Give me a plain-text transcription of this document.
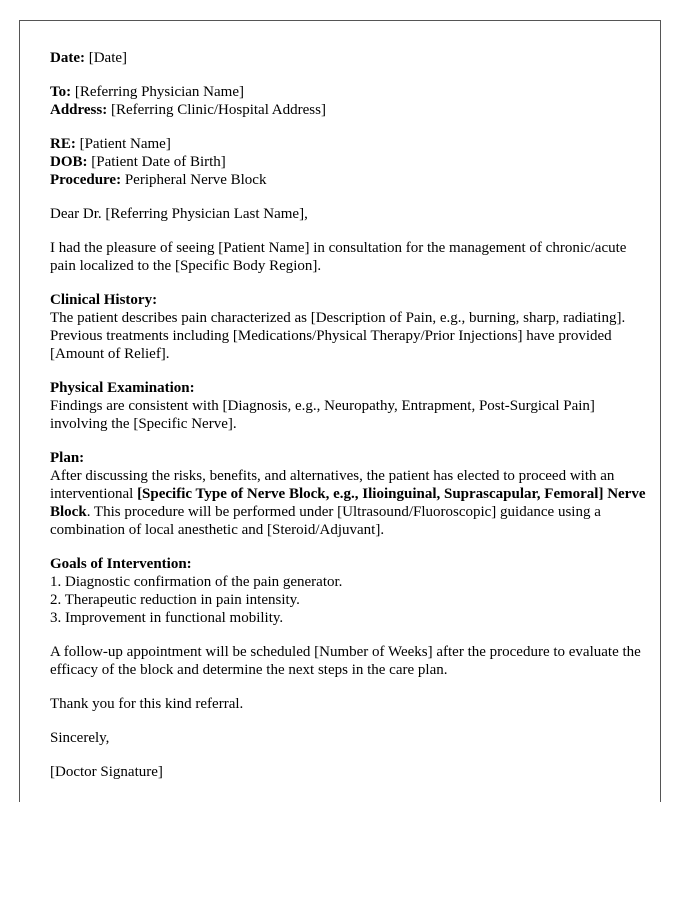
Date: [Date]

To: [Referring Physician Name]
Address: [Referring Clinic/Hospital Address]

RE: [Patient Name]
DOB: [Patient Date of Birth]
Procedure: Peripheral Nerve Block

Dear Dr. [Referring Physician Last Name],

I had the pleasure of seeing [Patient Name] in consultation for the management of chronic/acute pain localized to the [Specific Body Region].

Clinical History:
The patient describes pain characterized as [Description of Pain, e.g., burning, sharp, radiating]. Previous treatments including [Medications/Physical Therapy/Prior Injections] have provided [Amount of Relief].

Physical Examination:
Findings are consistent with [Diagnosis, e.g., Neuropathy, Entrapment, Post-Surgical Pain] involving the [Specific Nerve].

Plan:
After discussing the risks, benefits, and alternatives, the patient has elected to proceed with an interventional [Specific Type of Nerve Block, e.g., Ilioinguinal, Suprascapular, Femoral] Nerve Block. This procedure will be performed under [Ultrasound/Fluoroscopic] guidance using a combination of local anesthetic and [Steroid/Adjuvant].

Goals of Intervention:
1. Diagnostic confirmation of the pain generator.
2. Therapeutic reduction in pain intensity.
3. Improvement in functional mobility.

A follow-up appointment will be scheduled [Number of Weeks] after the procedure to evaluate the efficacy of the block and determine the next steps in the care plan.

Thank you for this kind referral.

Sincerely,

[Doctor Signature]
